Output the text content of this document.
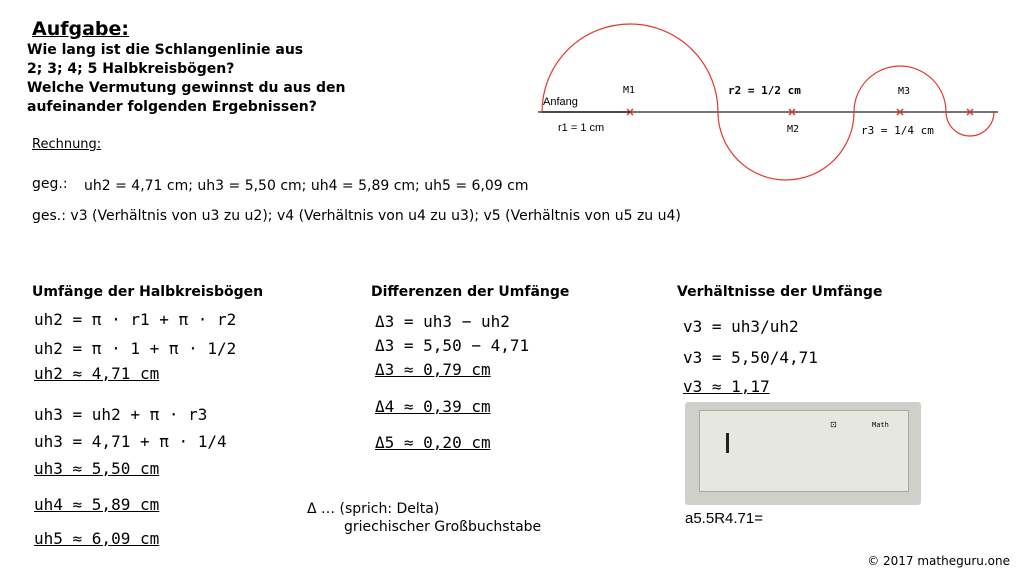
Aufgabe:
Wie lang ist die Schlangenlinie aus
2; 3; 4; 5 Halbkreisbögen?
Welche Vermutung gewinnst du aus den
aufeinander folgenden Ergebnissen?
Rechnung:
geg.: uh2 = 4,71 cm; uh3 = 5,50 cm; uh4 = 5,89 cm; uh5 = 6,09 cm
ges.: v3 (Verhältnis von u3 zu u2); v4 (Verhältnis von u4 zu u3); v5 (Verhältnis von u5 zu u4)
Anfang
r1 = 1 cm
M1
M2
M3
r2 = 1/2 cm
r3 = 1/4 cm
Umfänge der Halbkreisbögen	Differenzen der Umfänge	Verhältnisse der Umfänge
uh2 = π · r1 + π · r2
uh2 = π · 1 + π · 1/2
uh2 ≈ 4,71 cm
uh3 = uh2 + π · r3
uh3 = 4,71 + π · 1/4
uh3 ≈ 5,50 cm
uh4 ≈ 5,89 cm
uh5 ≈ 6,09 cm
Δ3 = uh3 − uh2
Δ3 = 5,50 − 4,71
Δ3 ≈ 0,79 cm
Δ4 ≈ 0,39 cm
Δ5 ≈ 0,20 cm
v3 = uh3/uh2
v3 = 5,50/4,71
v3 ≈ 1,17
⊡	Math
a5.5R4.71=
Δ … (sprich: Delta)
griechischer Großbuchstabe
© 2017 matheguru.one
